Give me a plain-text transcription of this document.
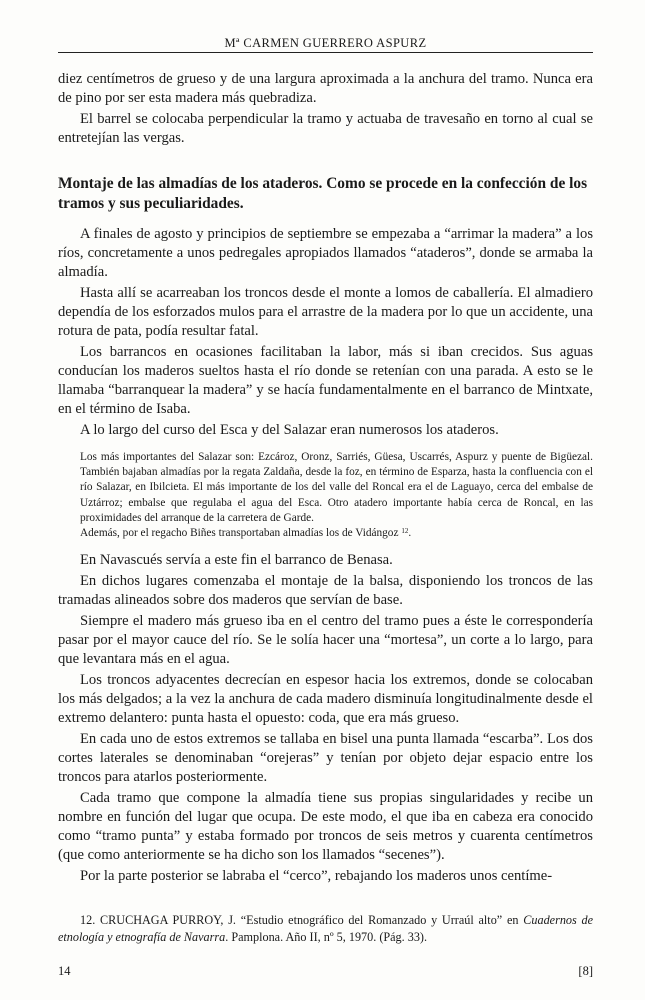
Mª CARMEN GUERRERO ASPURZ

diez centímetros de grueso y de una largura aproximada a la anchura del tramo. Nunca era de pino por ser esta madera más quebradiza.

El barrel se colocaba perpendicular la tramo y actuaba de travesaño en torno al cual se entretejían las vergas.

Montaje de las almadías de los ataderos. Como se procede en la confección de los tramos y sus peculiaridades.

A finales de agosto y principios de septiembre se empezaba a “arrimar la madera” a los ríos, concretamente a unos pedregales apropiados llamados “ataderos”, donde se armaba la almadía.

Hasta allí se acarreaban los troncos desde el monte a lomos de caballería. El almadiero dependía de los esforzados mulos para el arrastre de la madera por lo que un accidente, una rotura de pata, podía resultar fatal.

Los barrancos en ocasiones facilitaban la labor, más si iban crecidos. Sus aguas conducían los maderos sueltos hasta el río donde se retenían con una parada. A esto se le llamaba “barranquear la madera” y se hacía fundamentalmente en el barranco de Mintxate, en el término de Isaba.

A lo largo del curso del Esca y del Salazar eran numerosos los ataderos.

Los más importantes del Salazar son: Ezcároz, Oronz, Sarriés, Güesa, Uscarrés, Aspurz y puente de Bigüezal. También bajaban almadías por la regata Zaldaña, desde la foz, en término de Esparza, hasta la confluencia con el río Salazar, en Ibilcieta. El más importante de los del valle del Roncal era el de Laguayo, cerca del embalse de Uztárroz; embalse que regulaba el agua del Esca. Otro atadero importante había cerca de Roncal, en las proximidades del arranque de la carretera de Garde.
Además, por el regacho Biñes transportaban almadías los de Vidángoz $^{12}$.

En Navascués servía a este fin el barranco de Benasa.

En dichos lugares comenzaba el montaje de la balsa, disponiendo los troncos de las tramadas alineados sobre dos maderos que servían de base.

Siempre el madero más grueso iba en el centro del tramo pues a éste le correspondería pasar por el mayor cauce del río. Se le solía hacer una “mortesa”, un corte a lo largo, para que levantara más en el agua.

Los troncos adyacentes decrecían en espesor hacia los extremos, donde se colocaban los más delgados; a la vez la anchura de cada madero disminuía longitudinalmente desde el extremo delantero: punta hasta el opuesto: coda, que era más grueso.

En cada uno de estos extremos se tallaba en bisel una punta llamada “escarba”. Los dos cortes laterales se denominaban “orejeras” y tenían por objeto dejar espacio entre los troncos para atarlos posteriormente.

Cada tramo que compone la almadía tiene sus propias singularidades y recibe un nombre en función del lugar que ocupa. De este modo, el que iba en cabeza era conocido como “tramo punta” y estaba formado por troncos de seis metros y cuarenta centímetros (que como anteriormente se ha dicho son los llamados “secenes”).

Por la parte posterior se labraba el “cerco”, rebajando los maderos unos centíme-

12. CRUCHAGA PURROY, J. “Estudio etnográfico del Romanzado y Urraúl alto” en Cuadernos de etnología y etnografía de Navarra. Pamplona. Año II, nº 5, 1970. (Pág. 33).
14	[8]
